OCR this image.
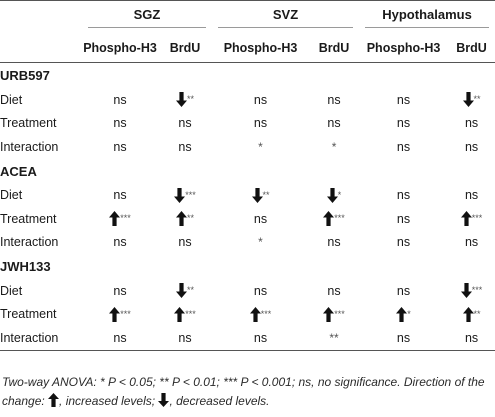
	SGZ		SVZ		Hypothalamus	

	Phospho-H3	BrdU	Phospho-H3	BrdU	Phospho-H3	BrdU
URB597						
Diet	ns	**	ns	ns	ns	**
Treatment	ns	ns	ns	ns	ns	ns
Interaction	ns	ns	*	*	ns	ns
ACEA						
Diet	ns	***	**	*	ns	ns
Treatment	***	**	ns	***	ns	***
Interaction	ns	ns	*	ns	ns	ns
JWH133						
Diet	ns	**	ns	ns	ns	***
Treatment	***	***	***	***	*	**
Interaction	ns	ns	ns	**	ns	ns
Two-way ANOVA: * P < 0.05; ** P < 0.01; *** P < 0.001; ns, no significance. Direction of the change: , increased levels; , decreased levels.
